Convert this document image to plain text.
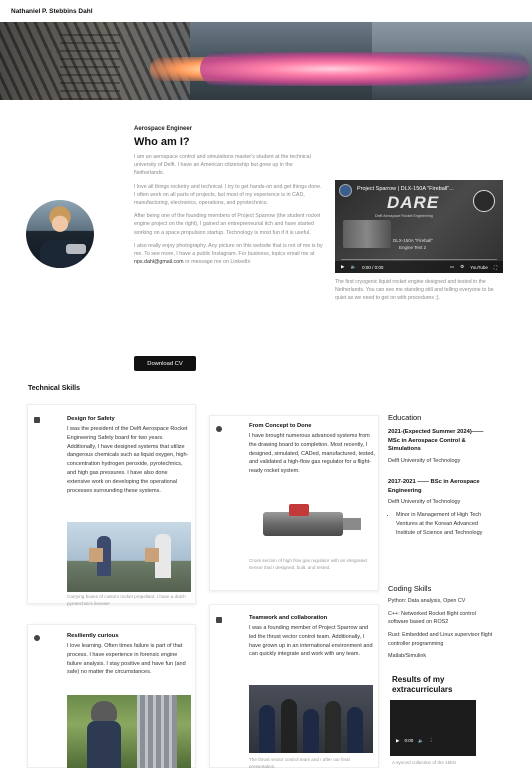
Nathaniel P. Stebbins Dahl
Aerospace Engineer
Who am I?

I am an aerospace control and simulations master's student at the technical university of Delft. I have an American citizenship but grew up in the Netherlands.

I love all things rocketry and technical. I try to get hands-on and get things done. I often work on all parts of projects, but most of my experience is in CAD, manufacturing, electronics, operations, and pyrotechnics.

After being one of the founding members of Project Sparrow (the student rocket engine project on the right), I gained an entrepreneurial itch and have started working on a space propulsion startup. Technology is most fun if it is useful.

I also really enjoy photography. Any picture on this website that is not of me is by me. To see more, I have a public Instagram. For business, topics email me at nps.dahl@gmail.com or message me on LinkedIn

Download CV
Project Sparrow | DLX-150A "Fireball"...
DARE
Delft Aerospace Rocket Engineering
DLX-150A "Fireball"
Engine Test 2
▶ 🔈 0:00 / 0:00	▭ ⚙ YouTube ⛶
The first cryogenic liquid rocket engine designed and tested in the Netherlands. You can see me standing still and telling everyone to be quiet as we need to get on with procedures ;).
Technical Skills
Design for Safety
I was the president of the Delft Aerospace Rocket Engineering Safety board for two years. Additionally, I have designed systems that utilize dangerous chemicals such as liquid oxygen, high-concentration hydrogen peroxide, pyrotechnics, and high gas pressures. I have also done extensive work on developing the operational processes surrounding these systems.
Carrying boxes of custom rocket propellant. I have a dutch pyrotechnics license!
From Concept to Done
I have brought numerous advanced systems from the drawing board to completion. Most recently, I designed, simulated, CADed, manufactured, tested, and validated a high-flow gas regulator for a flight-ready rocket system.
Cross section of high flow gas regulator with an integrated sensor that I designed, built, and tested.
Resiliently curious
I love learning. Often times failure is part of that process. I have experience in forensic engine failure analysis. I stay positive and have fun (and safe) no matter the circumstances.
Teamwork and collaboration
I was a founding member of Project Sparrow and led the thrust vector control team. Additionally, I have grown up in an international environment and can quickly integrate and work with any team.
The thrust vector control team and I after our final presentation.
Education
2021-(Expected Summer 2024)—— MSc in Aerospace Control & Simulations
Delft University of Technology
2017-2021 —— BSc in Aerospace Engineering
Delft University of Technology
• Minor in Management of High Tech Ventures at the Korean Advanced Institute of Science and Technology
Coding Skills
Python: Data analysis, Open CV
C++: Networked Rocket flight control software based on ROS2
Rust: Embedded and Linux supervisor flight controller programming
Matlab/Simulink
Results of my extracurriculars
▶ 0:00 🔈 ⋮
A synced collection of the 15kN
